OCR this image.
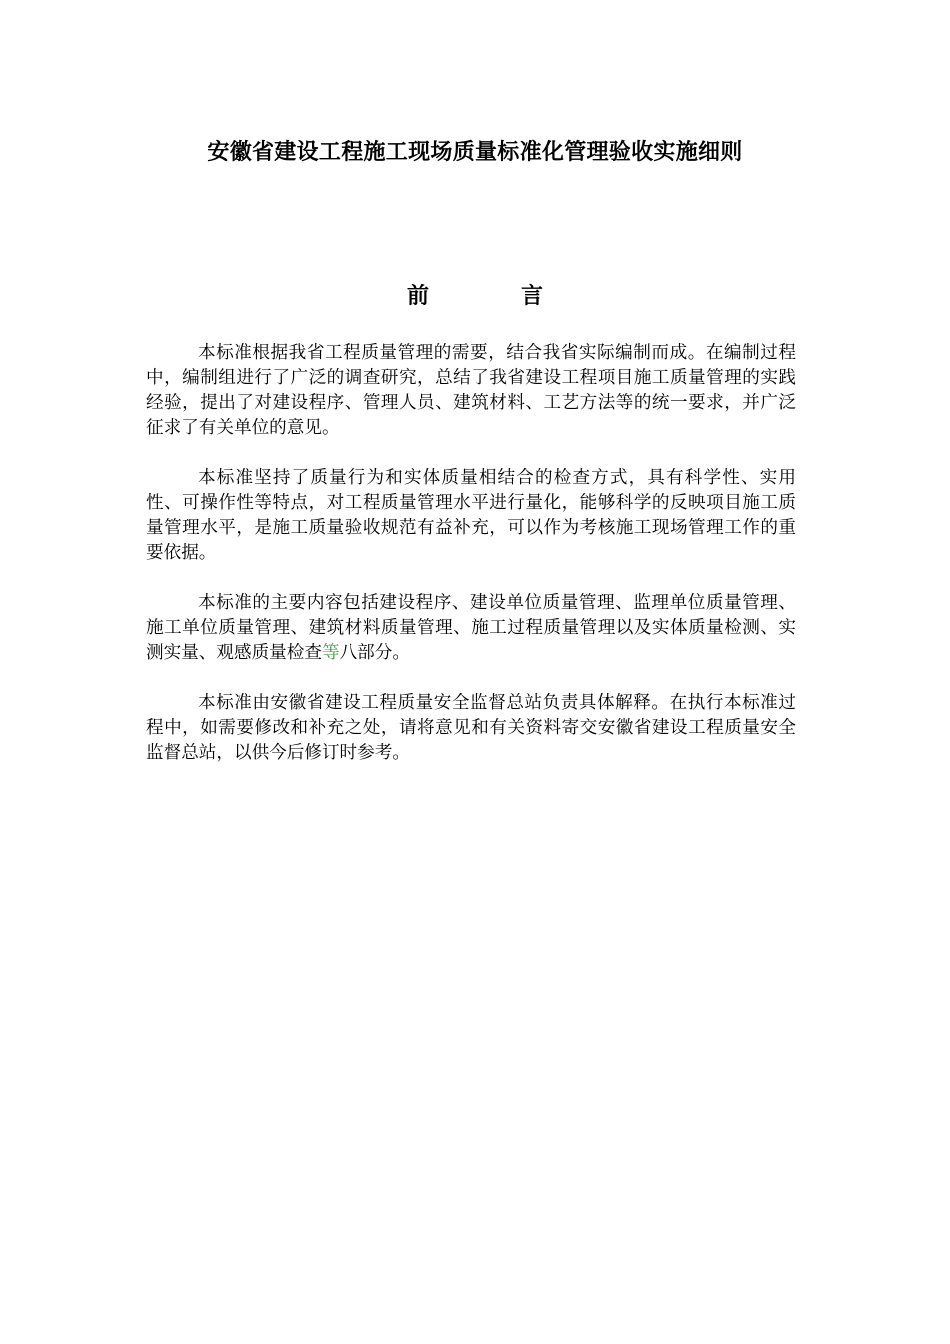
安徽省建设工程施工现场质量标准化管理验收实施细则
前            言

本标准根据我省工程质量管理的需要，结合我省实际编制而成。在编制过程中，编制组进行了广泛的调查研究，总结了我省建设工程项目施工质量管理的实践经验，提出了对建设程序、管理人员、建筑材料、工艺方法等的统一要求，并广泛征求了有关单位的意见。

本标准坚持了质量行为和实体质量相结合的检查方式，具有科学性、实用性、可操作性等特点，对工程质量管理水平进行量化，能够科学的反映项目施工质量管理水平，是施工质量验收规范有益补充，可以作为考核施工现场管理工作的重要依据。

本标准的主要内容包括建设程序、建设单位质量管理、监理单位质量管理、施工单位质量管理、建筑材料质量管理、施工过程质量管理以及实体质量检测、实测实量、观感质量检查等八部分。

本标准由安徽省建设工程质量安全监督总站负责具体解释。在执行本标准过程中，如需要修改和补充之处，请将意见和有关资料寄交安徽省建设工程质量安全监督总站，以供今后修订时参考。
